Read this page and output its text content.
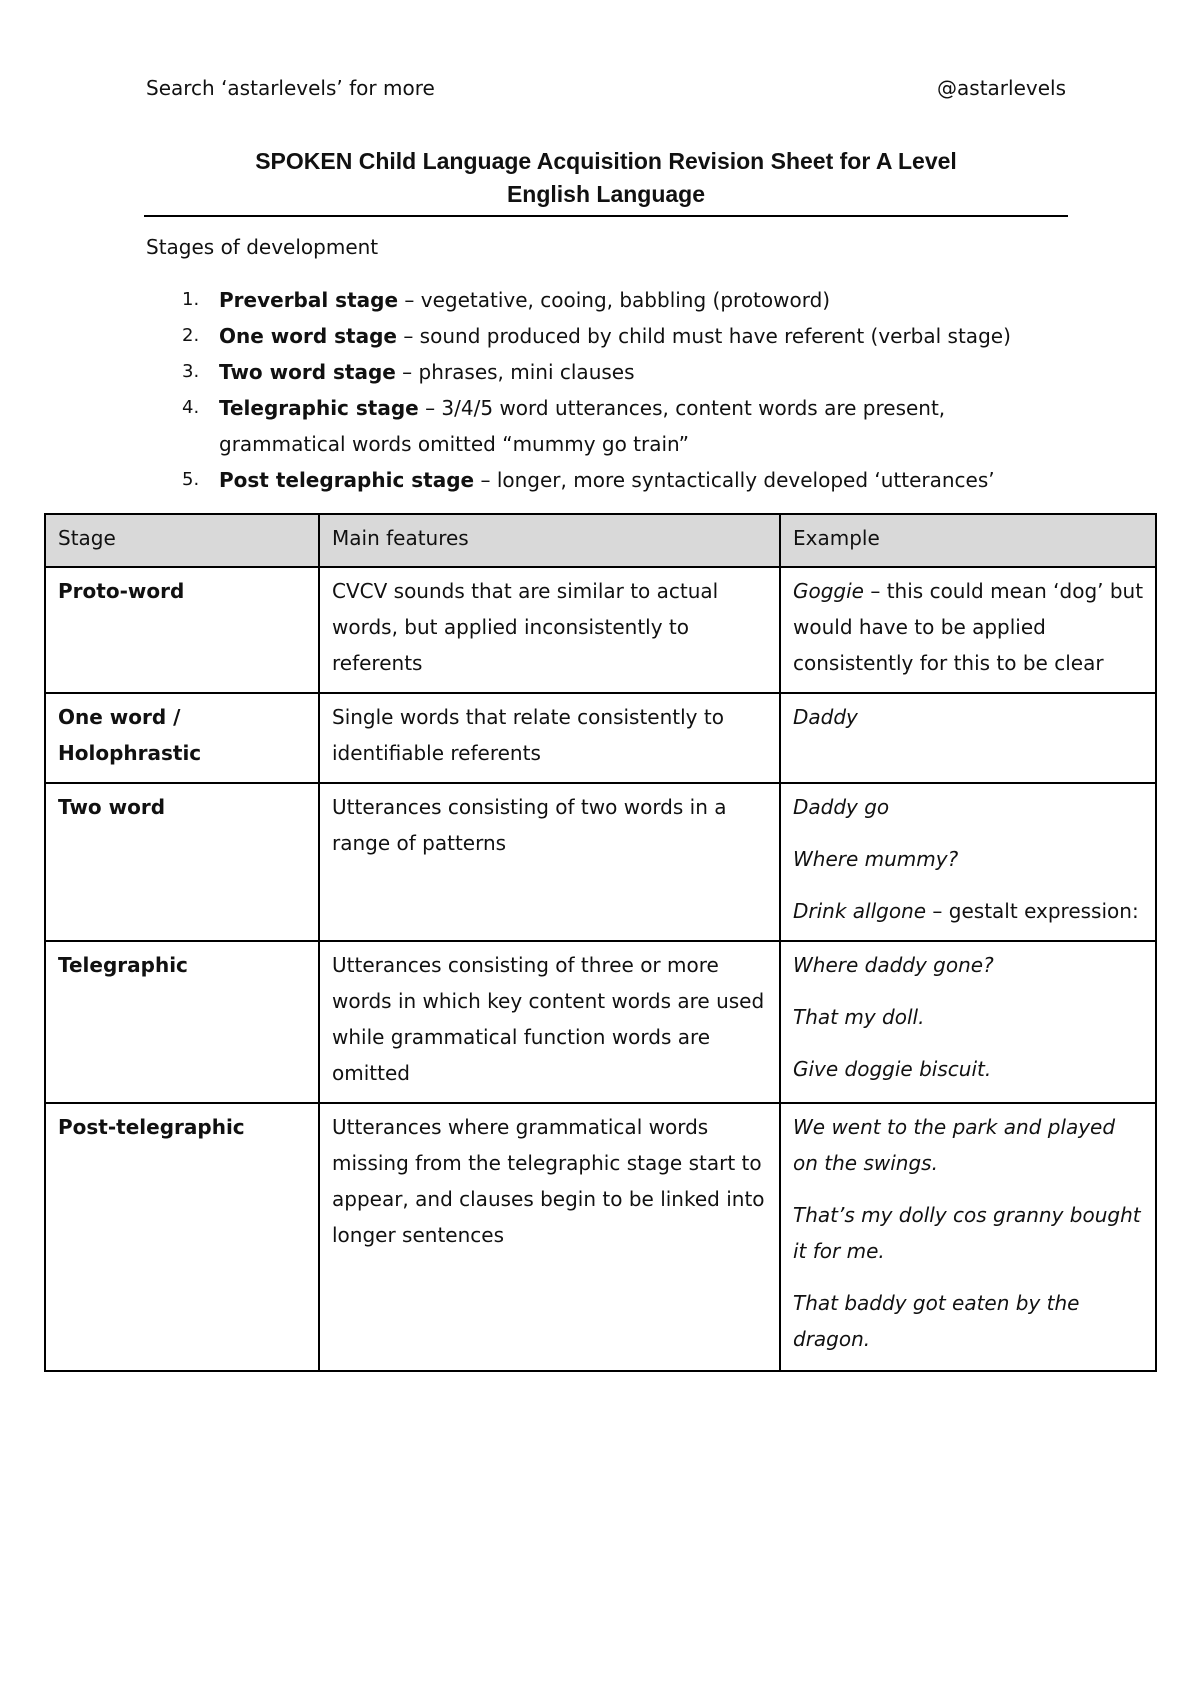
Search ‘astarlevels’ for more	@astarlevels
SPOKEN Child Language Acquisition Revision Sheet for A Level
English Language
Stages of development
1. Preverbal stage – vegetative, cooing, babbling (protoword)
2. One word stage – sound produced by child must have referent (verbal stage)
3. Two word stage – phrases, mini clauses
4. Telegraphic stage – 3/4/5 word utterances, content words are present, grammatical words omitted “mummy go train”
5. Post telegraphic stage – longer, more syntactically developed ‘utterances’
Stage	Main features	Example
Proto-word	CVCV sounds that are similar to actual words, but applied inconsistently to referents	Goggie – this could mean ‘dog’ but would have to be applied consistently for this to be clear
One word / Holophrastic	Single words that relate consistently to identifiable referents	Daddy

Two word	Utterances consisting of two words in a range of patterns	Daddy go
Where mummy?
Drink allgone – gestalt expression:

Telegraphic	Utterances consisting of three or more words in which key content words are used while grammatical function words are omitted	Where daddy gone?
That my doll.
Give doggie biscuit.

Post-telegraphic	Utterances where grammatical words missing from the telegraphic stage start to appear, and clauses begin to be linked into longer sentences	We went to the park and played on the swings.
That’s my dolly cos granny bought it for me.
That baddy got eaten by the dragon.
